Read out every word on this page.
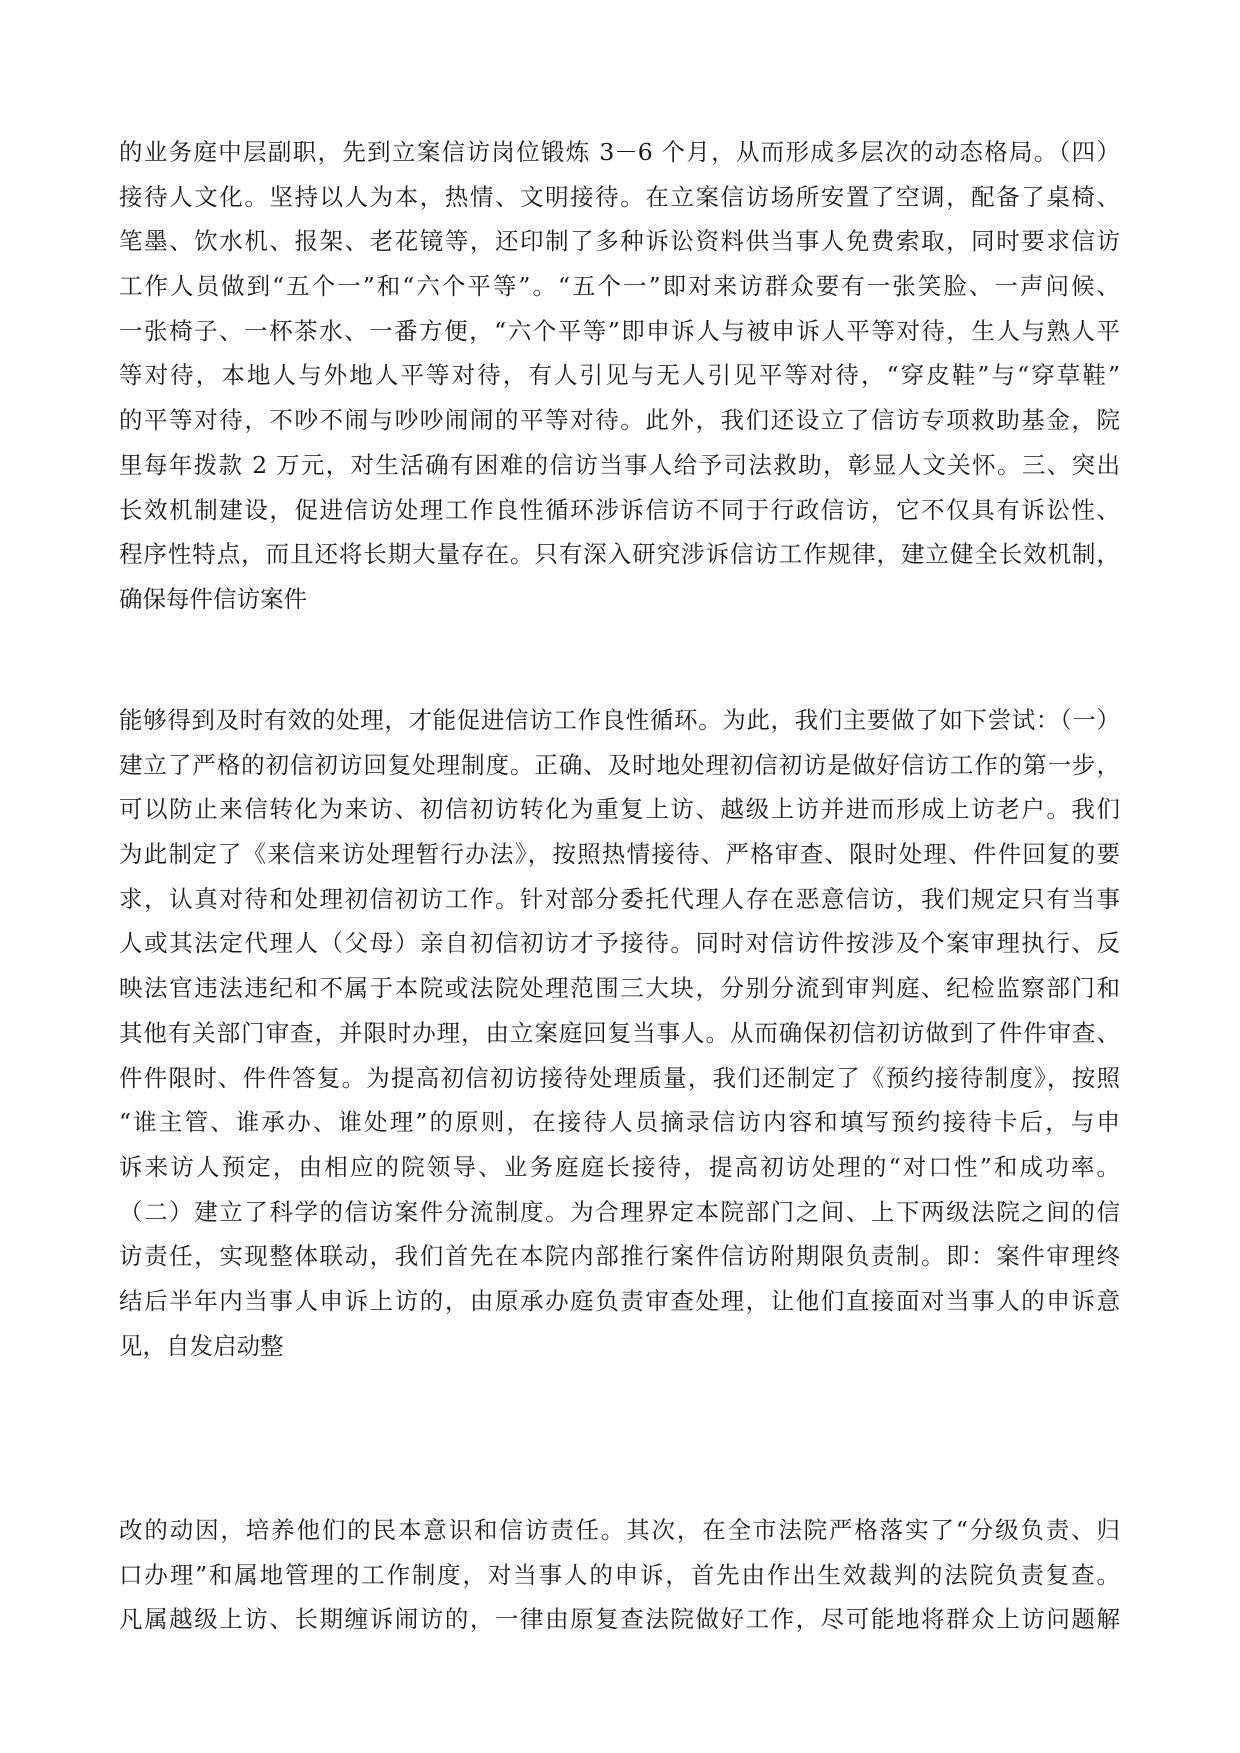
的业务庭中层副职，先到立案信访岗位锻炼 3－6 个月，从而形成多层次的动态格局。（四）
接待人文化。坚持以人为本，热情、文明接待。在立案信访场所安置了空调，配备了桌椅、
笔墨、饮水机、报架、老花镜等，还印制了多种诉讼资料供当事人免费索取，同时要求信访
工作人员做到“五个一”和“六个平等”。“五个一”即对来访群众要有一张笑脸、一声问候、
一张椅子、一杯茶水、一番方便，“六个平等”即申诉人与被申诉人平等对待，生人与熟人平
等对待，本地人与外地人平等对待，有人引见与无人引见平等对待，“穿皮鞋”与“穿草鞋”
的平等对待，不吵不闹与吵吵闹闹的平等对待。此外，我们还设立了信访专项救助基金，院
里每年拨款 2 万元，对生活确有困难的信访当事人给予司法救助，彰显人文关怀。三、突出
长效机制建设，促进信访处理工作良性循环涉诉信访不同于行政信访，它不仅具有诉讼性、
程序性特点，而且还将长期大量存在。只有深入研究涉诉信访工作规律，建立健全长效机制，
确保每件信访案件
能够得到及时有效的处理，才能促进信访工作良性循环。为此，我们主要做了如下尝试：（一）
建立了严格的初信初访回复处理制度。正确、及时地处理初信初访是做好信访工作的第一步，
可以防止来信转化为来访、初信初访转化为重复上访、越级上访并进而形成上访老户。我们
为此制定了《来信来访处理暂行办法》，按照热情接待、严格审查、限时处理、件件回复的要
求，认真对待和处理初信初访工作。针对部分委托代理人存在恶意信访，我们规定只有当事
人或其法定代理人（父母）亲自初信初访才予接待。同时对信访件按涉及个案审理执行、反
映法官违法违纪和不属于本院或法院处理范围三大块，分别分流到审判庭、纪检监察部门和
其他有关部门审查，并限时办理，由立案庭回复当事人。从而确保初信初访做到了件件审查、
件件限时、件件答复。为提高初信初访接待处理质量，我们还制定了《预约接待制度》，按照
“谁主管、谁承办、谁处理”的原则，在接待人员摘录信访内容和填写预约接待卡后，与申
诉来访人预定，由相应的院领导、业务庭庭长接待，提高初访处理的“对口性”和成功率。
（二）建立了科学的信访案件分流制度。为合理界定本院部门之间、上下两级法院之间的信
访责任，实现整体联动，我们首先在本院内部推行案件信访附期限负责制。即：案件审理终
结后半年内当事人申诉上访的，由原承办庭负责审查处理，让他们直接面对当事人的申诉意
见，自发启动整
改的动因，培养他们的民本意识和信访责任。其次，在全市法院严格落实了“分级负责、归
口办理”和属地管理的工作制度，对当事人的申诉，首先由作出生效裁判的法院负责复查。
凡属越级上访、长期缠诉闹访的，一律由原复查法院做好工作，尽可能地将群众上访问题解
